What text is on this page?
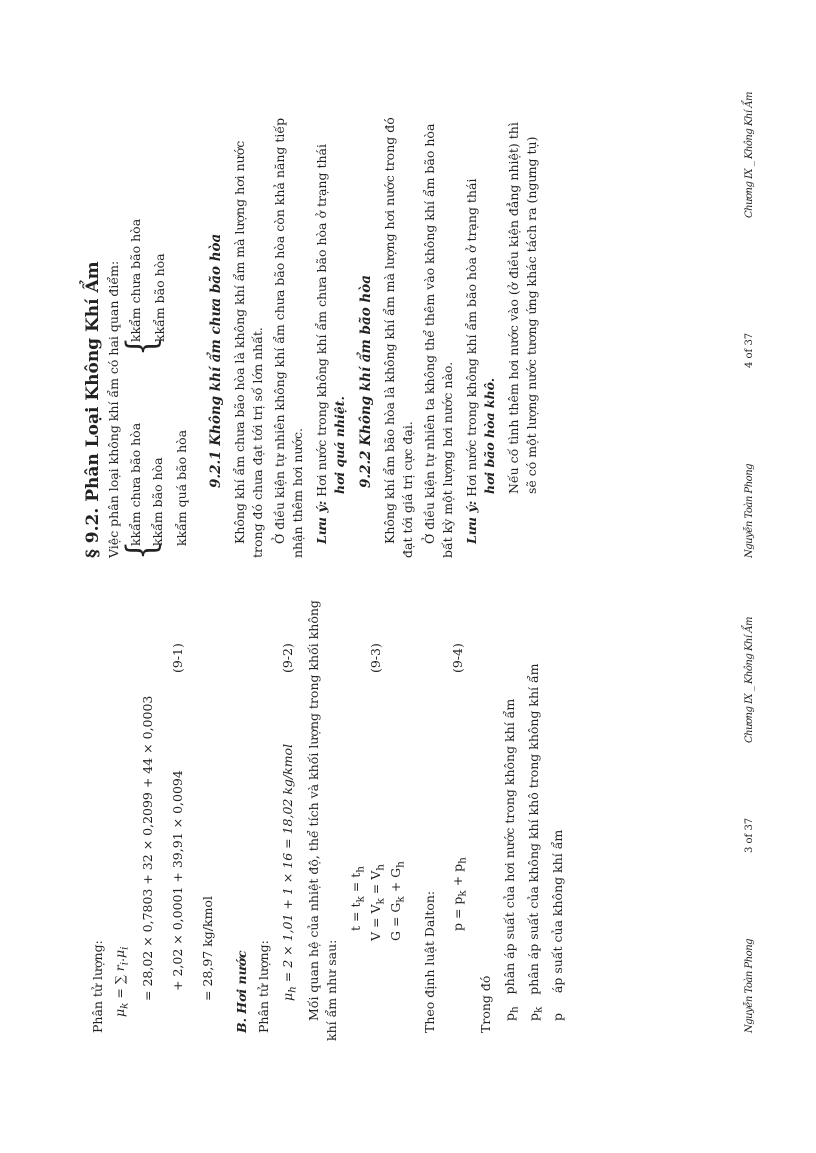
Phân tử lượng: $\mu_k$ = ∑ $r_i.\mu_i = 28,02 \times 0,7803 + 32 \times 0,2099 + 44 \times 0,0003 + 2,02 \times 0,0001 + 39,91 \times 0,0094$
(9-1)
= 28,97 kg/kmol B. Hơi nước Phân tử lượng: $\mu_h = 2 \times 1,01 + 1 \times 16 = 18,02$ kg/kmol
(9-2) Mối quan hệ của nhiệt độ, thể tích và khối lượng trong khối không khí ẩm như sau:
$t = t_k = t_h$
$V = V_k = V_h$
(9-3)
$G = G_k + G_h$
Theo định luật Dalton: $p = p_k + p_h$
(9-4)
Trong đó $p_h$   phân áp suất của hơi nước trong không khí ẩm
$p_k$   phân áp suất của không khí khô trong không khí ẩm
p     áp suất của không khí ẩm	Nguyễn Toàn Phong
3 of 37
Chương IX _ Không Khí Ẩm
§ 9.2. Phân Loại Không Khí Ẩm Việc phân loại không khí ẩm có hai quan điểm:
{
kkẩm chưa bão hòa kkẩm bão hòa kkẩm quá bão hòa
{
kkẩm chưa bão hòa kkẩm bão hòa	9.2.1 Không khí ẩm chưa bão hòa Không khí ẩm chưa bão hòa là không khí ẩm mà lượng hơi nước trong đó chưa đạt tới trị số lớn nhất. Ở điều kiện tự nhiên không khí ẩm chưa bão hòa còn khả năng tiếp nhận thêm hơi nước. Lưu ý: Hơi nước trong không khí ẩm chưa bão hòa ở trạng thái hơi quá nhiệt. 9.2.2 Không khí ẩm bão hòa Không khí ẩm bão hòa là không khí ẩm mà lượng hơi nước trong đó đạt tới giá trị cực đại. Ở điều kiện tự nhiên ta không thể thêm vào không khí ẩm bão hòa bất kỳ một lượng hơi nước nào. Lưu ý: Hơi nước trong không khí ẩm bão hòa ở trạng thái hơi bão hòa khô. Nếu cố tình thêm hơi nước vào (ở điều kiện đẳng nhiệt) thì sẽ có một lượng nước tương ứng khác tách ra (ngưng tụ)
Nguyễn Toàn Phong
4 of 37
Chương IX _ Không Khí Ẩm
